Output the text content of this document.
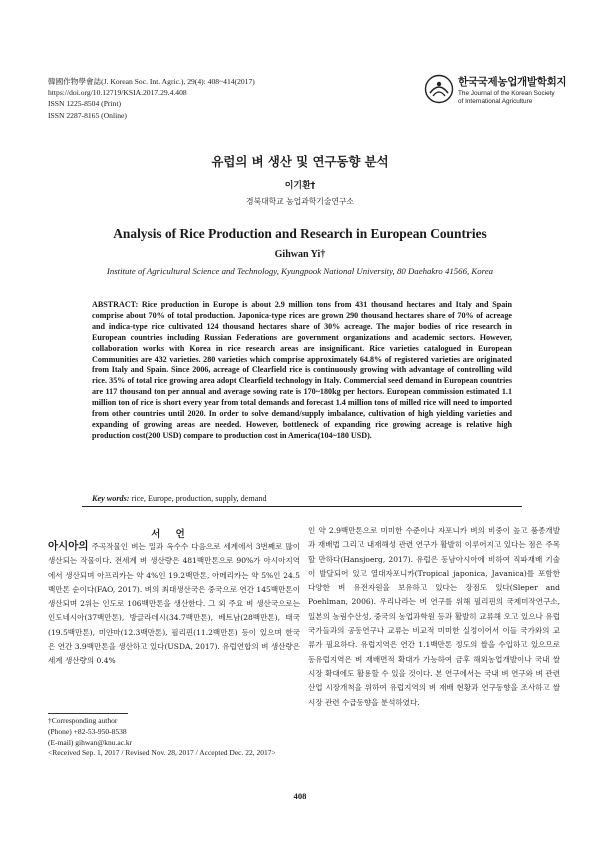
韓國作物學會誌(J. Korean Soc. Int. Agric.), 29(4): 408~414(2017)
https://doi.org/10.12719/KSIA.2017.29.4.408
ISSN 1225-8504 (Print)
ISSN 2287-8165 (Online)
한국국제농업개발학회지
The Journal of the Korean Society
of International Agriculture
유럽의 벼 생산 및 연구동향 분석
이기환†
경북대학교 농업과학기술연구소
Analysis of Rice Production and Research in European Countries
Gihwan Yi†
Institute of Agricultural Science and Technology, Kyungpook National University, 80 Daehakro 41566, Korea
ABSTRACT: Rice production in Europe is about 2.9 million tons from 431 thousand hectares and Italy and Spain comprise about 70% of total production. Japonica-type rices are grown 290 thousand hectares share of 70% of acreage and indica-type rice cultivated 124 thousand hectares share of 30% acreage. The major bodies of rice research in European countries including Russian Federations are government organizations and academic sectors. However, collaboration works with Korea in rice research areas are insignificant. Rice varieties catalogued in European Communities are 432 varieties. 280 varieties which comprise approximately 64.8% of registered varieties are originated from Italy and Spain. Since 2006, acreage of Clearfield rice is continuously growing with advantage of controlling wild rice. 35% of total rice growing area adopt Clearfield technology in Italy. Commercial seed demand in European countries are 117 thousand ton per annual and average sowing rate is 170~180kg per hectors. European commission estimated 1.1 million ton of rice is short every year from total demands and forecast 1.4 million tons of milled rice will need to imported from other countries until 2020. In order to solve demand/supply imbalance, cultivation of high yielding varieties and expanding of growing areas are needed. However, bottleneck of expanding rice growing acreage is relative high production cost(200 USD) compare to production cost in America(104~180 USD).
Key words: rice, Europe, production, supply, demand
서 언
아시아의 주곡작물인 벼는 밀과 옥수수 다음으로 세계에서 3번째로 많이 생산되는 작물이다. 전세계 벼 생산량은 481백만톤으로 90%가 아시아지역에서 생산되며 아프리카는 약 4%인 19.2백만톤, 아메리카는 약 5%인 24.5백만톤 순이다(FAO, 2017). 벼의 최대생산국은 중국으로 연간 145백만톤이 생산되며 2위는 인도로 106백만톤을 생산한다. 그 외 주요 벼 생산국으로는 인도네시아(37백만톤), 방글라데시(34.7백만톤), 베트남(28백만톤), 태국(19.5백만톤), 미얀마(12.3백만톤), 필리핀(11.2백만톤) 등이 있으며 한국은 연간 3.9백만톤을 생산하고 있다(USDA, 2017). 유럽연합의 벼 생산량은 세계 생산량의 0.4%
인 약 2.9백만톤으로 미미한 수준이나 자포니카 벼의 비중이 높고 품종개발과 재배법 그리고 내재해성 관련 연구가 활발히 이루어지고 있다는 점은 주목할 만하다(Hansjoerg, 2017). 유럽은 동남아시아에 비하여 직파재배 기술이 발달되어 있고 열대자포니카(Tropical japonica, Javanica)를 포함한 다양한 벼 유전자원을 보유하고 있다는 장점도 있다(Sleper and Poehlman, 2006). 우리나라는 벼 연구를 위해 필리핀의 국제미작연구소, 일본의 농림수산성, 중국의 농업과학원 등과 활발히 교류해 오고 있으나 유럽 국가들과의 공동연구나 교류는 비교적 미미한 실정이어서 이들 국가와의 교류가 필요하다. 유럽지역은 연간 1.1백만톤 정도의 쌀을 수입하고 있으므로 동유럽지역은 벼 재배면적 확대가 가능하여 금후 해외농업개발이나 국내 쌀시장 확대에도 활용할 수 있을 것이다. 본 연구에서는 국내 벼 연구와 벼 관련 산업 시장개척을 위하여 유럽지역의 벼 재배 현황과 연구동향을 조사하고 쌀시장 관련 수급동향을 분석하였다.
†Corresponding author
(Phone) +82-53-950-8538
(E-mail) gihwan@knu.ac.kr
<Received Sep. 1, 2017 / Revised Nov. 28, 2017 / Accepted Dec. 22, 2017>
408
